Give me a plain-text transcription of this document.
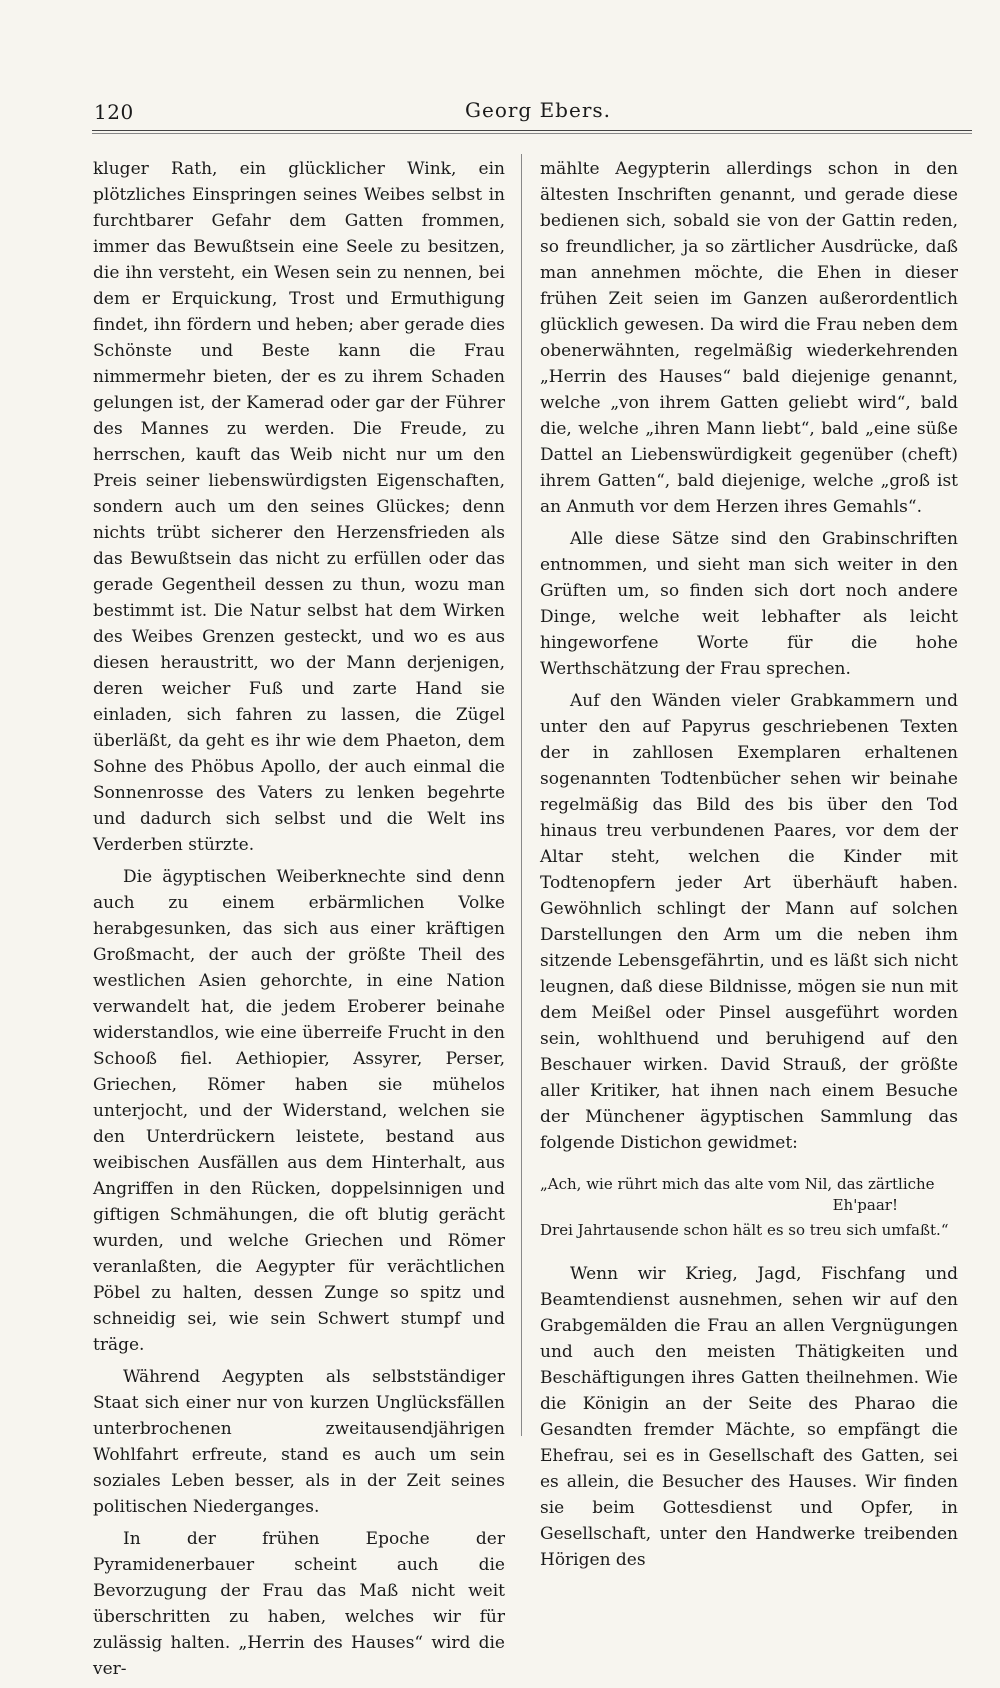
120	Georg Ebers.

kluger Rath, ein glücklicher Wink, ein plötzliches Einspringen seines Weibes selbst in furchtbarer Gefahr dem Gatten frommen, immer das Bewußtsein eine Seele zu besitzen, die ihn versteht, ein Wesen sein zu nennen, bei dem er Erquickung, Trost und Ermuthigung findet, ihn fördern und heben; aber gerade dies Schönste und Beste kann die Frau nimmermehr bieten, der es zu ihrem Schaden gelungen ist, der Kamerad oder gar der Führer des Mannes zu werden. Die Freude, zu herrschen, kauft das Weib nicht nur um den Preis seiner liebenswürdigsten Eigenschaften, sondern auch um den seines Glückes; denn nichts trübt sicherer den Herzensfrieden als das Bewußtsein das nicht zu erfüllen oder das gerade Gegentheil dessen zu thun, wozu man bestimmt ist. Die Natur selbst hat dem Wirken des Weibes Grenzen gesteckt, und wo es aus diesen heraustritt, wo der Mann derjenigen, deren weicher Fuß und zarte Hand sie einladen, sich fahren zu lassen, die Zügel überläßt, da geht es ihr wie dem Phaeton, dem Sohne des Phöbus Apollo, der auch einmal die Sonnenrosse des Vaters zu lenken begehrte und dadurch sich selbst und die Welt ins Verderben stürzte.

Die ägyptischen Weiberknechte sind denn auch zu einem erbärmlichen Volke herabgesunken, das sich aus einer kräftigen Großmacht, der auch der größte Theil des westlichen Asien gehorchte, in eine Nation verwandelt hat, die jedem Eroberer beinahe widerstandlos, wie eine überreife Frucht in den Schooß fiel. Aethiopier, Assyrer, Perser, Griechen, Römer haben sie mühelos unterjocht, und der Widerstand, welchen sie den Unterdrückern leistete, bestand aus weibischen Ausfällen aus dem Hinterhalt, aus Angriffen in den Rücken, doppelsinnigen und giftigen Schmähungen, die oft blutig gerächt wurden, und welche Griechen und Römer veranlaßten, die Aegypter für verächtlichen Pöbel zu halten, dessen Zunge so spitz und schneidig sei, wie sein Schwert stumpf und träge.

Während Aegypten als selbstständiger Staat sich einer nur von kurzen Unglücksfällen unterbrochenen zweitausendjährigen Wohlfahrt erfreute, stand es auch um sein soziales Leben besser, als in der Zeit seines politischen Niederganges.

In der frühen Epoche der Pyramidenerbauer scheint auch die Bevorzugung der Frau das Maß nicht weit überschritten zu haben, welches wir für zulässig halten. „Herrin des Hauses“ wird die ver-

mählte Aegypterin allerdings schon in den ältesten Inschriften genannt, und gerade diese bedienen sich, sobald sie von der Gattin reden, so freundlicher, ja so zärtlicher Ausdrücke, daß man annehmen möchte, die Ehen in dieser frühen Zeit seien im Ganzen außerordentlich glücklich gewesen. Da wird die Frau neben dem obenerwähnten, regelmäßig wiederkehrenden „Herrin des Hauses“ bald diejenige genannt, welche „von ihrem Gatten geliebt wird“, bald die, welche „ihren Mann liebt“, bald „eine süße Dattel an Liebenswürdigkeit gegenüber (cheft) ihrem Gatten“, bald diejenige, welche „groß ist an Anmuth vor dem Herzen ihres Gemahls“.

Alle diese Sätze sind den Grabinschriften entnommen, und sieht man sich weiter in den Grüften um, so finden sich dort noch andere Dinge, welche weit lebhafter als leicht hingeworfene Worte für die hohe Werthschätzung der Frau sprechen.

Auf den Wänden vieler Grabkammern und unter den auf Papyrus geschriebenen Texten der in zahllosen Exemplaren erhaltenen sogenannten Todtenbücher sehen wir beinahe regelmäßig das Bild des bis über den Tod hinaus treu verbundenen Paares, vor dem der Altar steht, welchen die Kinder mit Todtenopfern jeder Art überhäuft haben. Gewöhnlich schlingt der Mann auf solchen Darstellungen den Arm um die neben ihm sitzende Lebensgefährtin, und es läßt sich nicht leugnen, daß diese Bildnisse, mögen sie nun mit dem Meißel oder Pinsel ausgeführt worden sein, wohlthuend und beruhigend auf den Beschauer wirken. David Strauß, der größte aller Kritiker, hat ihnen nach einem Besuche der Münchener ägyptischen Sammlung das folgende Distichon gewidmet:

„Ach, wie rührt mich das alte vom Nil, das zärtliche
Eh'paar!
Drei Jahrtausende schon hält es so treu sich umfaßt.“

Wenn wir Krieg, Jagd, Fischfang und Beamtendienst ausnehmen, sehen wir auf den Grabgemälden die Frau an allen Vergnügungen und auch den meisten Thätigkeiten und Beschäftigungen ihres Gatten theilnehmen. Wie die Königin an der Seite des Pharao die Gesandten fremder Mächte, so empfängt die Ehefrau, sei es in Gesellschaft des Gatten, sei es allein, die Besucher des Hauses. Wir finden sie beim Gottesdienst und Opfer, in Gesellschaft, unter den Handwerke treibenden Hörigen des
